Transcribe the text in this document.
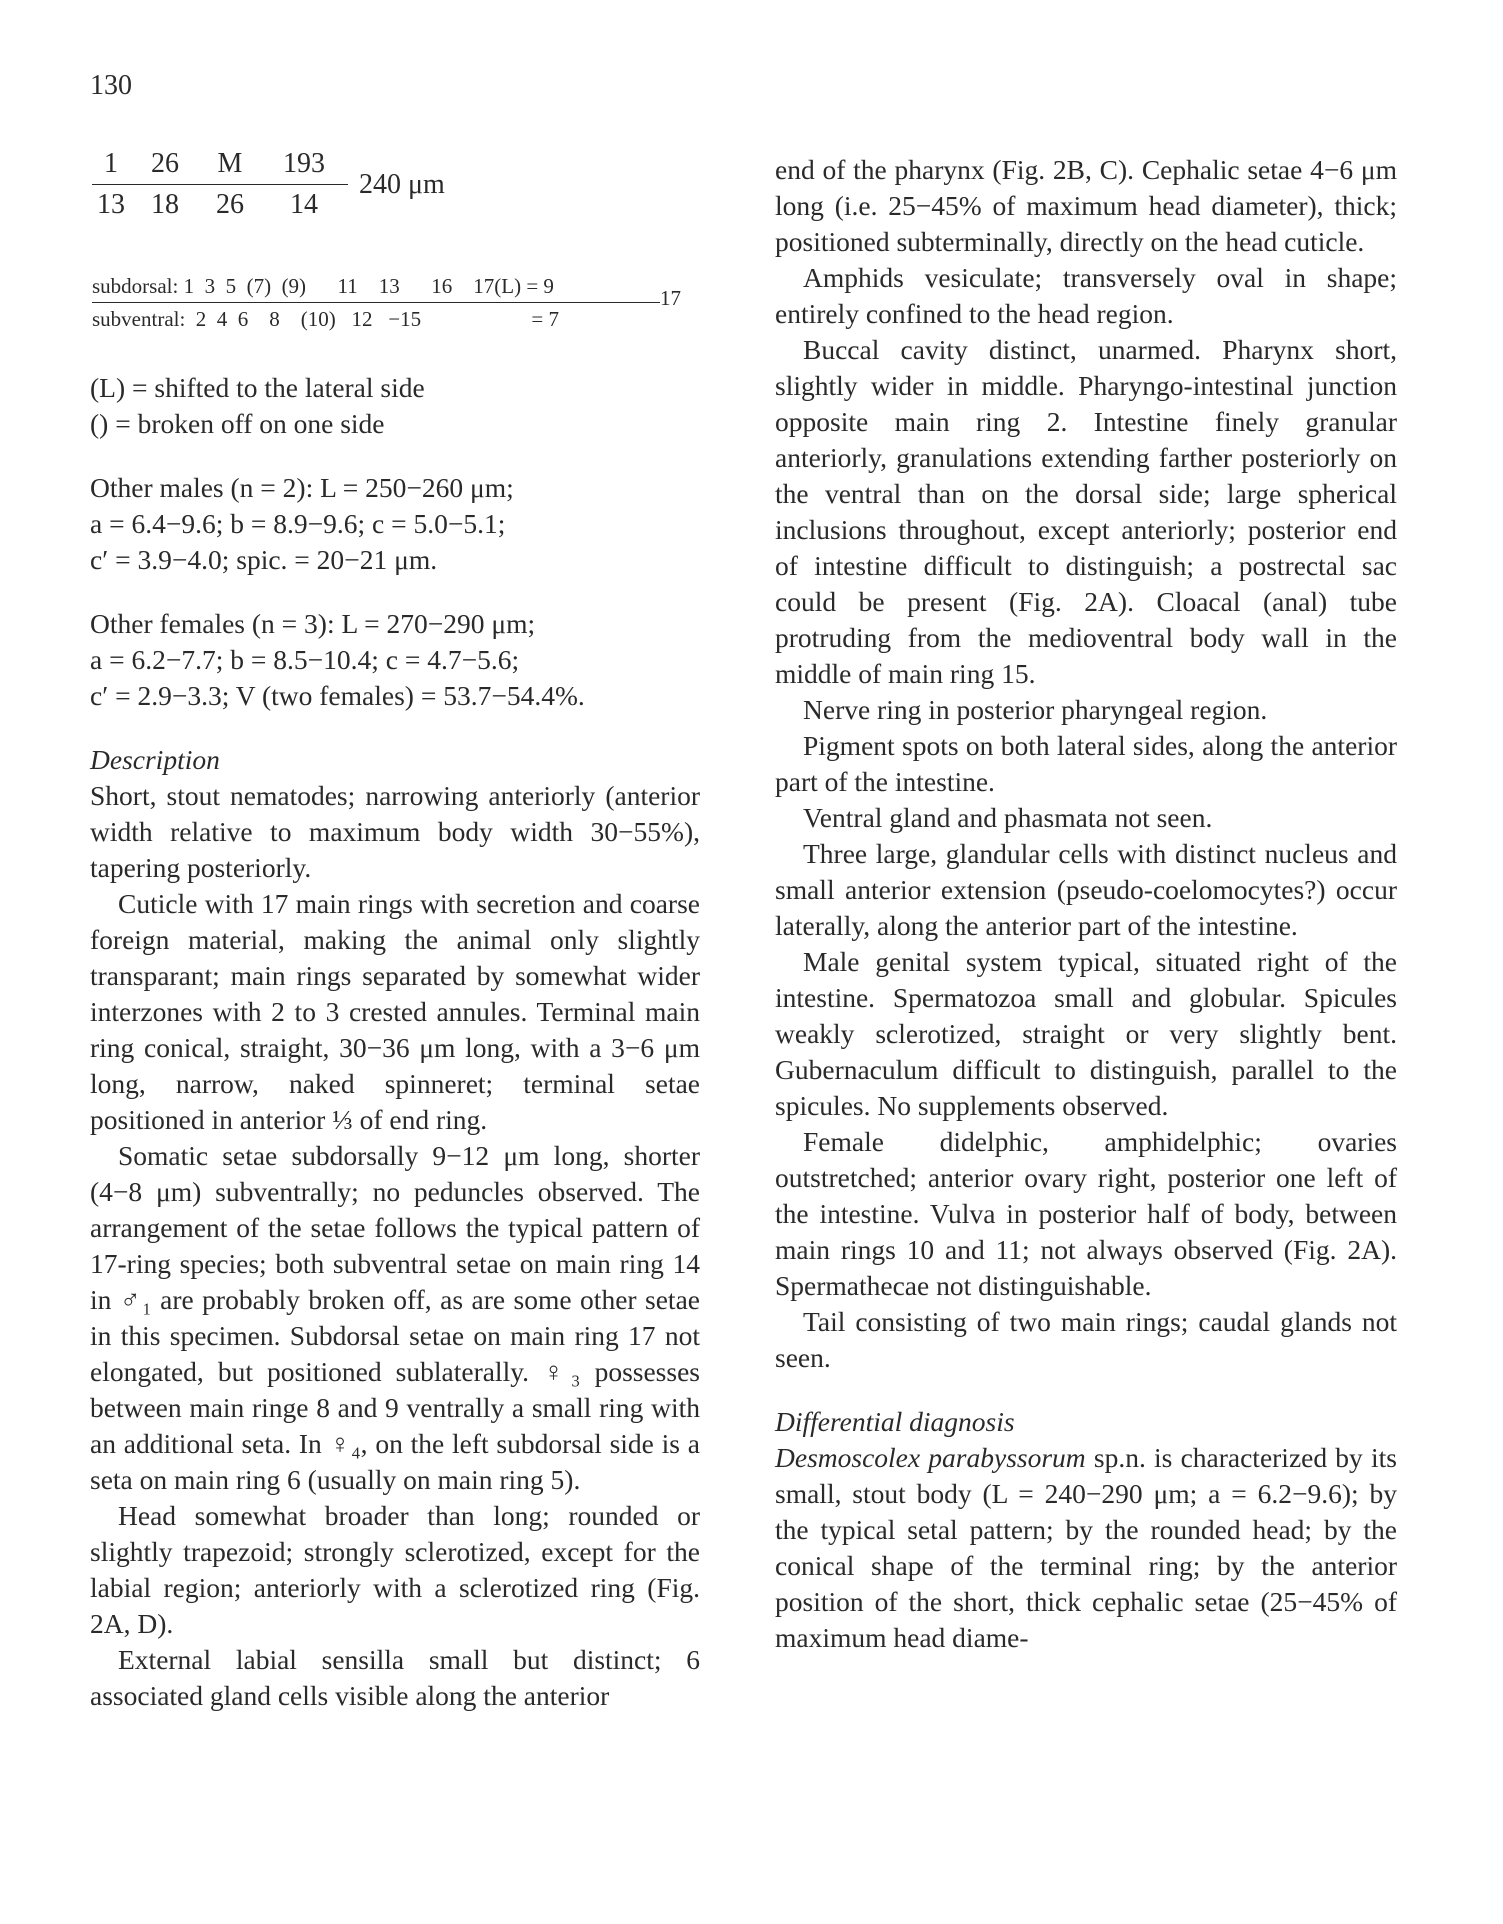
130
1	26	M	193
13 18	26	14 240 μm
subdorsal: 1  3  5  (7)  (9)      11    13      16    17(L) = 9
subventral:  2  4  6    8    (10)   12   −15                     = 7
17

(L) = shifted to the lateral side

() = broken off on one side

Other males (n = 2): L = 250−260 μm;

a = 6.4−9.6; b = 8.9−9.6; c = 5.0−5.1;

c′ = 3.9−4.0; spic. = 20−21 μm.

Other females (n = 3): L = 270−290 μm;

a = 6.2−7.7; b = 8.5−10.4; c = 4.7−5.6;

c′ = 2.9−3.3; V (two females) = 53.7−54.4%.

Description

Short, stout nematodes; narrowing anteriorly (anterior width relative to maximum body width 30−55%), tapering posteriorly.

Cuticle with 17 main rings with secretion and coarse foreign material, making the animal only slightly transparant; main rings separated by somewhat wider interzones with 2 to 3 crested annules. Terminal main ring conical, straight, 30−36 μm long, with a 3−6 μm long, narrow, naked spinneret; terminal setae positioned in anterior ⅓ of end ring.

Somatic setae subdorsally 9−12 μm long, shorter (4−8 μm) subventrally; no peduncles observed. The arrangement of the setae follows the typical pattern of 17-ring species; both subventral setae on main ring 14 in ♂₁ are probably broken off, as are some other setae in this specimen. Subdorsal setae on main ring 17 not elongated, but positioned sublaterally. ♀₃ possesses between main ringe 8 and 9 ventrally a small ring with an additional seta. In ♀₄, on the left subdorsal side is a seta on main ring 6 (usually on main ring 5).

Head somewhat broader than long; rounded or slightly trapezoid; strongly sclerotized, except for the labial region; anteriorly with a sclerotized ring (Fig. 2A, D).

External labial sensilla small but distinct; 6 associated gland cells visible along the anterior

end of the pharynx (Fig. 2B, C). Cephalic setae 4−6 μm long (i.e. 25−45% of maximum head diameter), thick; positioned subterminally, directly on the head cuticle.

Amphids vesiculate; transversely oval in shape; entirely confined to the head region.

Buccal cavity distinct, unarmed. Pharynx short, slightly wider in middle. Pharyngo-intestinal junction opposite main ring 2. Intestine finely granular anteriorly, granulations extending farther posteriorly on the ventral than on the dorsal side; large spherical inclusions throughout, except anteriorly; posterior end of intestine difficult to distinguish; a postrectal sac could be present (Fig. 2A). Cloacal (anal) tube protruding from the medioventral body wall in the middle of main ring 15.

Nerve ring in posterior pharyngeal region.

Pigment spots on both lateral sides, along the anterior part of the intestine.

Ventral gland and phasmata not seen.

Three large, glandular cells with distinct nucleus and small anterior extension (pseudo-coelomocytes?) occur laterally, along the anterior part of the intestine.

Male genital system typical, situated right of the intestine. Spermatozoa small and globular. Spicules weakly sclerotized, straight or very slightly bent. Gubernaculum difficult to distinguish, parallel to the spicules. No supplements observed.

Female didelphic, amphidelphic; ovaries outstretched; anterior ovary right, posterior one left of the intestine. Vulva in posterior half of body, between main rings 10 and 11; not always observed (Fig. 2A). Spermathecae not distinguishable.

Tail consisting of two main rings; caudal glands not seen.

Differential diagnosis

Desmoscolex parabyssorum sp.n. is characterized by its small, stout body (L = 240−290 μm; a = 6.2−9.6); by the typical setal pattern; by the rounded head; by the conical shape of the terminal ring; by the anterior position of the short, thick cephalic setae (25−45% of maximum head diame-
